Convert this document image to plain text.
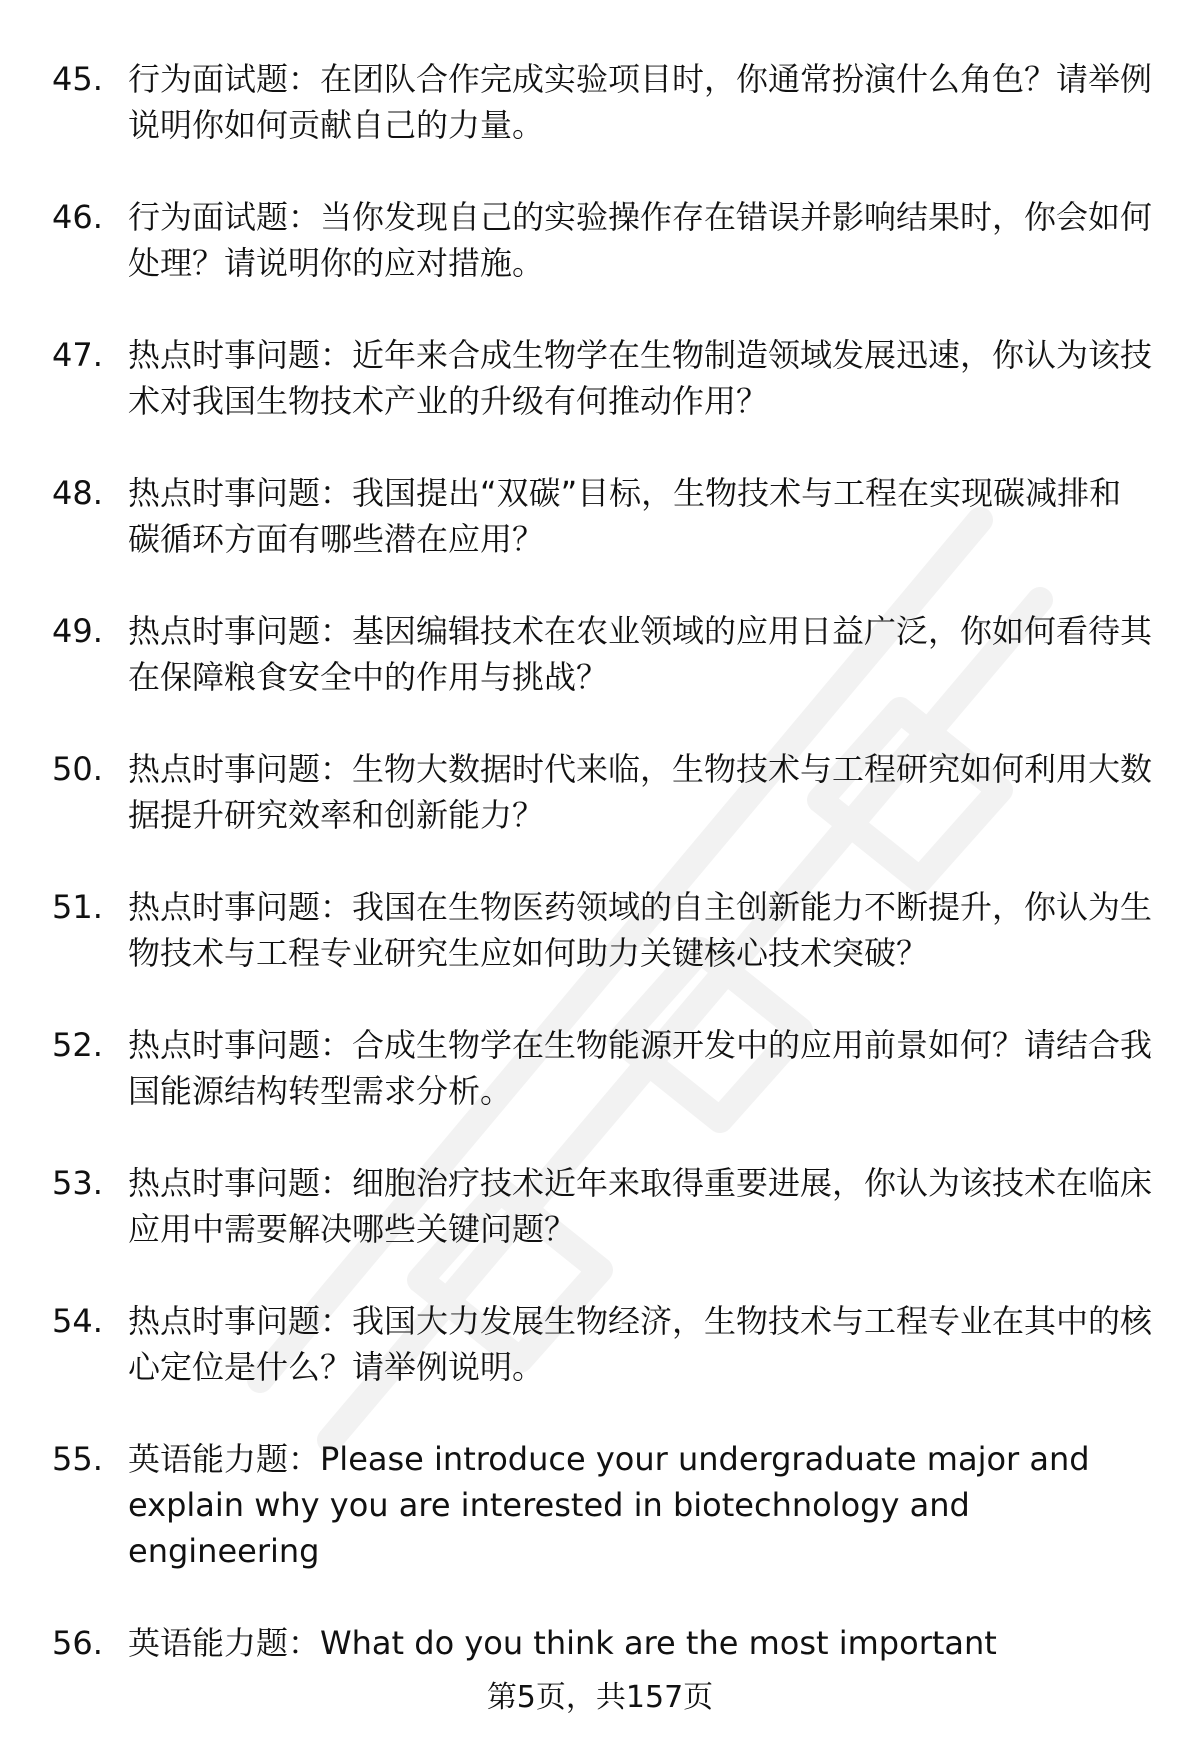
45. 行为面试题：在团队合作完成实验项目时，你通常扮演什么角色？请举例说明你如何贡献自己的力量。
46. 行为面试题：当你发现自己的实验操作存在错误并影响结果时，你会如何处理？请说明你的应对措施。
47. 热点时事问题：近年来合成生物学在生物制造领域发展迅速，你认为该技术对我国生物技术产业的升级有何推动作用？
48. 热点时事问题：我国提出“双碳”目标，生物技术与工程在实现碳减排和碳循环方面有哪些潜在应用？
49. 热点时事问题：基因编辑技术在农业领域的应用日益广泛，你如何看待其在保障粮食安全中的作用与挑战？
50. 热点时事问题：生物大数据时代来临，生物技术与工程研究如何利用大数据提升研究效率和创新能力？
51. 热点时事问题：我国在生物医药领域的自主创新能力不断提升，你认为生物技术与工程专业研究生应如何助力关键核心技术突破？
52. 热点时事问题：合成生物学在生物能源开发中的应用前景如何？请结合我国能源结构转型需求分析。
53. 热点时事问题：细胞治疗技术近年来取得重要进展，你认为该技术在临床应用中需要解决哪些关键问题？
54. 热点时事问题：我国大力发展生物经济，生物技术与工程专业在其中的核心定位是什么？请举例说明。
55. 英语能力题：Please introduce your undergraduate major and explain why you are interested in biotechnology and engineering
56. 英语能力题：What do you think are the most important
第5页，共157页
